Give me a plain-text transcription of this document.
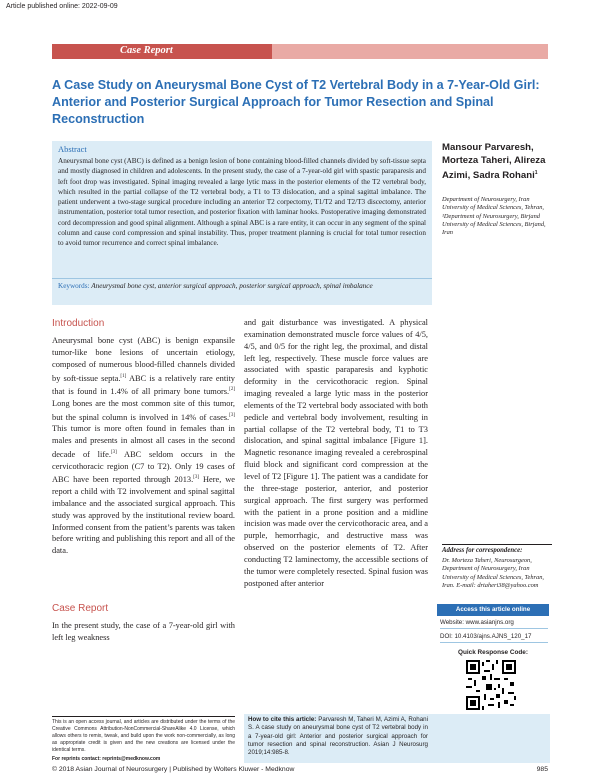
Article published online: 2022-09-09
Case Report
A Case Study on Aneurysmal Bone Cyst of T2 Vertebral Body in a 7-Year-Old Girl: Anterior and Posterior Surgical Approach for Tumor Resection and Spinal Reconstruction
Abstract
Aneurysmal bone cyst (ABC) is defined as a benign lesion of bone containing blood-filled channels divided by soft-tissue septa and mostly diagnosed in children and adolescents. In the present study, the case of a 7-year-old girl with spastic paraparesis and left foot drop was investigated. Spinal imaging revealed a large lytic mass in the posterior elements of the T2 vertebral body, which resulted in the partial collapse of the T2 vertebral body, a T1 to T3 dislocation, and a spinal sagittal imbalance. The patient underwent a two-stage surgical procedure including an anterior T2 corpectomy, T1/T2 and T2/T3 discectomy, anterior instrumentation, posterior total tumor resection, and posterior fixation with laminar hooks. Postoperative imaging demonstrated cord decompression and good spinal alignment. Although a spinal ABC is a rare entity, it can occur in any segment of the spinal column and cause cord compression and spinal instability. Thus, proper treatment planning is crucial for total tumor resection to avoid tumor recurrence and correct spinal imbalance.
Keywords: Aneurysmal bone cyst, anterior surgical approach, posterior surgical approach, spinal imbalance
Mansour Parvaresh, Morteza Taheri, Alireza Azimi, Sadra Rohani$^1$
Department of Neurosurgery, Iran University of Medical Sciences, Tehran, ¹Department of Neurosurgery, Birjand University of Medical Sciences, Birjand, Iran
Introduction
Aneurysmal bone cyst (ABC) is benign expansile tumor-like bone lesions of uncertain etiology, composed of numerous blood-filled channels divided by soft-tissue septa.[1] ABC is a relatively rare entity that is found in 1.4% of all primary bone tumors.[2] Long bones are the most common site of this tumor, but the spinal column is involved in 14% of cases.[3] This tumor is more often found in females than in males and presents in almost all cases in the second decade of life.[3] ABC seldom occurs in the cervicothoracic region (C7 to T2). Only 19 cases of ABC have been reported through 2013.[3] Here, we report a child with T2 involvement and spinal sagittal imbalance and the associated surgical approach. This study was approved by the institutional review board. Informed consent from the patient’s parents was taken before writing and publishing this report and all of the data.
Case Report
In the present study, the case of a 7-year-old girl with left leg weakness
and gait disturbance was investigated. A physical examination demonstrated muscle force values of 4/5, 4/5, and 0/5 for the right leg, the proximal, and distal left leg, respectively. These muscle force values are associated with spastic paraparesis and kyphotic deformity in the cervicothoracic region. Spinal imaging revealed a large lytic mass in the posterior elements of the T2 vertebral body associated with both pedicle and vertebral body involvement, resulting in partial collapse of the T2 vertebral body, T1 to T3 dislocation, and spinal sagittal imbalance [Figure 1]. Magnetic resonance imaging revealed a cerebrospinal fluid block and significant cord compression at the level of T2 [Figure 1]. The patient was a candidate for the three-stage posterior, anterior, and posterior surgical approach. The first surgery was performed with the patient in a prone position and a midline incision was made over the cervicothoracic area, and a purple, hemorrhagic, and destructive mass was observed on the posterior elements of T2. After conducting T2 laminectomy, the accessible sections of the tumor were completely resected. Spinal fusion was postponed after anterior
Address for correspondence:
Dr. Morteza Taheri, Neurosurgeon, Department of Neurosurgery, Iran University of Medical Sciences, Tehran, Iran. E-mail: drtaheri38@yahoo.com
Access this article online
Website: www.asianjns.org
DOI: 10.4103/ajns.AJNS_120_17
Quick Response Code:
How to cite this article: Parvaresh M, Taheri M, Azimi A, Rohani S. A case study on aneurysmal bone cyst of T2 vertebral body in a 7-year-old girl: Anterior and posterior surgical approach for tumor resection and spinal reconstruction. Asian J Neurosurg 2019;14:985-8.
This is an open access journal, and articles are distributed under the terms of the Creative Commons Attribution-NonCommercial-ShareAlike 4.0 License, which allows others to remix, tweak, and build upon the work non-commercially, as long as appropriate credit is given and the new creations are licensed under the identical terms.
For reprints contact: reprints@medknow.com
© 2018 Asian Journal of Neurosurgery | Published by Wolters Kluwer - Medknow	985
